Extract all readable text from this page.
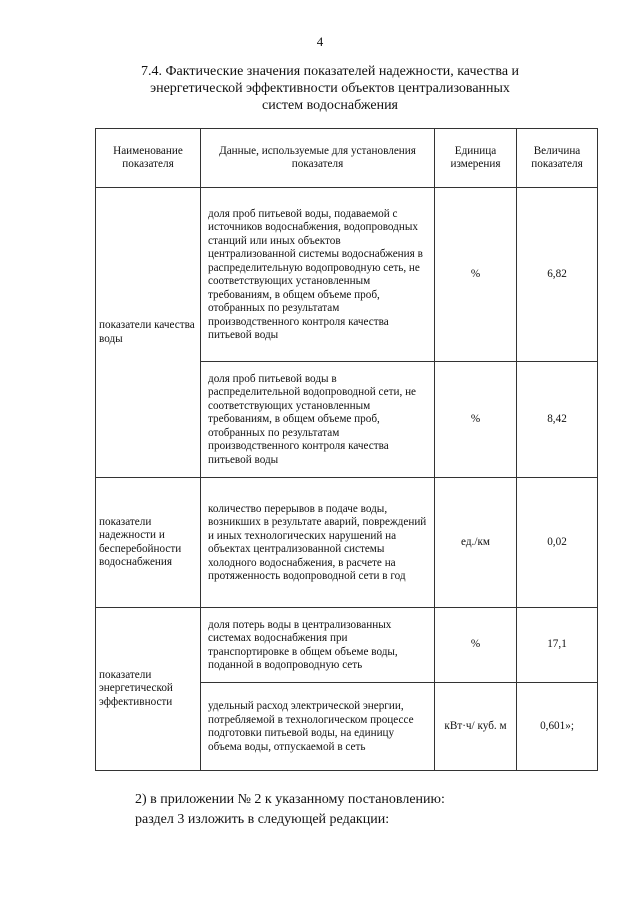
4
7.4. Фактические значения показателей надежности, качества и энергетической эффективности объектов централизованных систем водоснабжения
Наименование показателя	Данные, используемые для установления показателя	Единица измерения	Величина показателя
показатели качества воды	доля проб питьевой воды, подаваемой с источников водоснабжения, водопроводных станций или иных объектов централизованной системы водоснабжения в распределительную водопроводную сеть, не соответствующих установленным требованиям, в общем объеме проб, отобранных по результатам производственного контроля качества питьевой воды	%	6,82
	доля проб питьевой воды в распределительной водопроводной сети, не соответствующих установленным требованиям, в общем объеме проб, отобранных по результатам производственного контроля качества питьевой воды	%	8,42
показатели надежности и бесперебойности водоснабжения	количество перерывов в подаче воды, возникших в результате аварий, повреждений и иных технологических нарушений на объектах централизованной системы холодного водоснабжения, в расчете на протяженность водопроводной сети в год	ед./км	0,02
показатели энергетической эффективности	доля потерь воды в централизованных системах водоснабжения при транспортировке в общем объеме воды, поданной в водопроводную сеть	%	17,1
	удельный расход электрической энергии, потребляемой в технологическом процессе подготовки питьевой воды, на единицу объема воды, отпускаемой в сеть	кВт·ч/ куб. м	0,601»;
2) в приложении № 2 к указанному постановлению:
раздел 3 изложить в следующей редакции:
